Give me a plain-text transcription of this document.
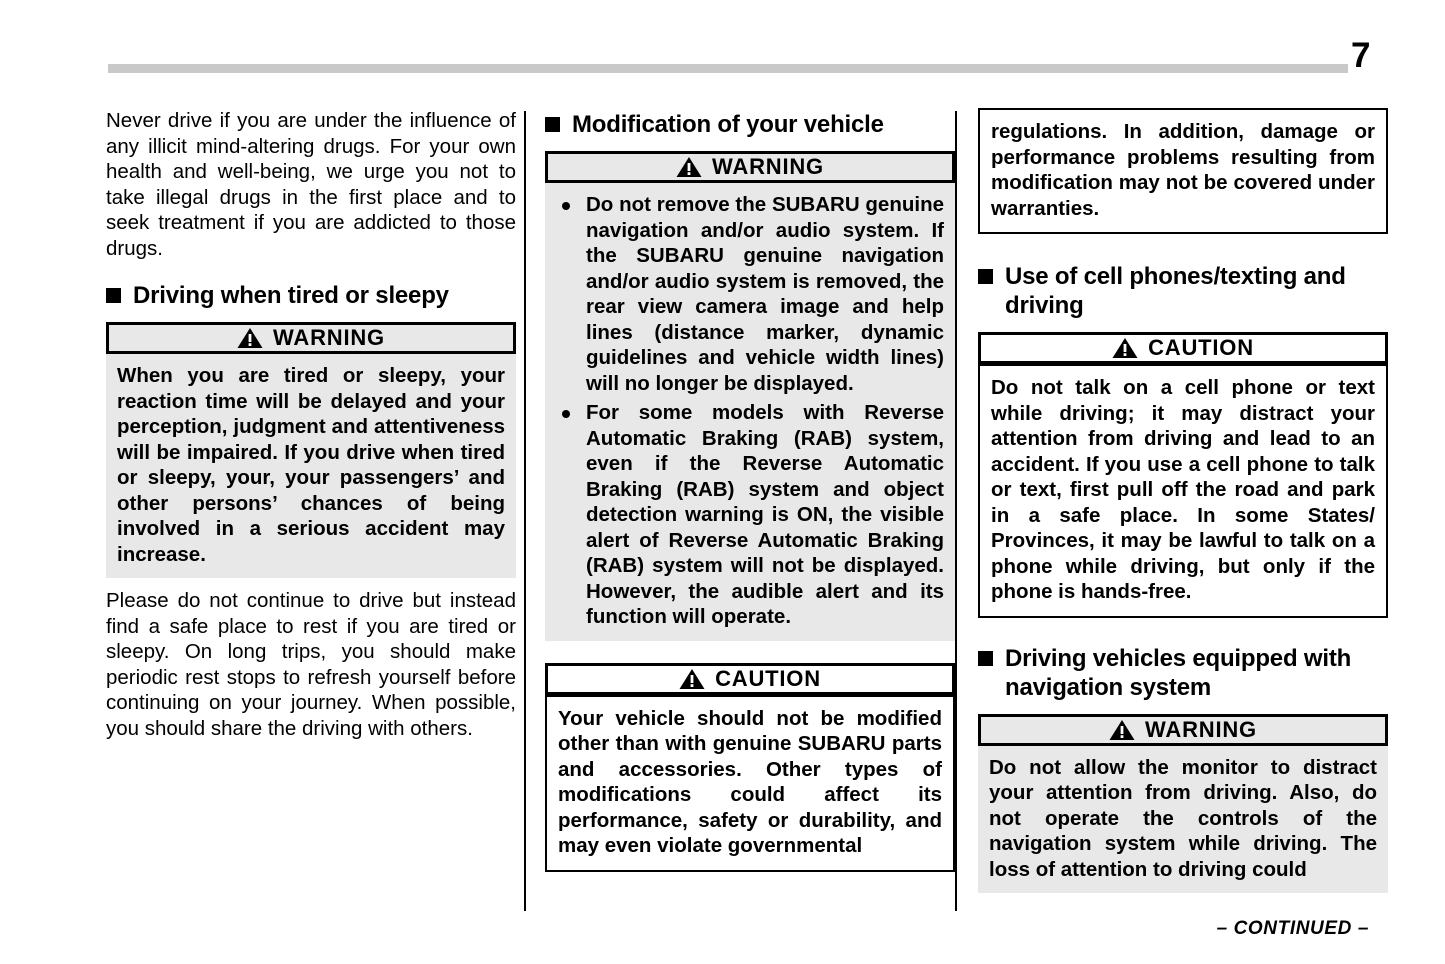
7

Never drive if you are under the influence of any illicit mind-altering drugs. For your own health and well-being, we urge you not to take illegal drugs in the first place and to seek treatment if you are addicted to those drugs.

Driving when tired or sleepy
WARNING

When you are tired or sleepy, your reaction time will be delayed and your perception, judgment and attentiveness will be impaired. If you drive when tired or sleepy, your, your passengers’ and other persons’ chances of being involved in a serious accident may increase.

Please do not continue to drive but instead find a safe place to rest if you are tired or sleepy. On long trips, you should make periodic rest stops to refresh yourself before continuing on your journey. When possible, you should share the driving with others.

Modification of your vehicle
WARNING
Do not remove the SUBARU genuine navigation and/or audio system. If the SUBARU genuine navigation and/or audio system is removed, the rear view camera image and help lines (distance marker, dynamic guidelines and vehicle width lines) will no longer be displayed.
For some models with Reverse Automatic Braking (RAB) system, even if the Reverse Automatic Braking (RAB) system and object detection warning is ON, the visible alert of Reverse Automatic Braking (RAB) system will not be displayed. However, the audible alert and its function will operate.
CAUTION

Your vehicle should not be modified other than with genuine SUBARU parts and accessories. Other types of modifications could affect its performance, safety or durability, and may even violate governmental

regulations. In addition, damage or performance problems resulting from modification may not be covered under warranties.

Use of cell phones/texting and driving
CAUTION

Do not talk on a cell phone or text while driving; it may distract your attention from driving and lead to an accident. If you use a cell phone to talk or text, first pull off the road and park in a safe place. In some States/ Provinces, it may be lawful to talk on a phone while driving, but only if the phone is hands-free.

Driving vehicles equipped with navigation system
WARNING

Do not allow the monitor to distract your attention from driving. Also, do not operate the controls of the navigation system while driving. The loss of attention to driving could

– CONTINUED –
